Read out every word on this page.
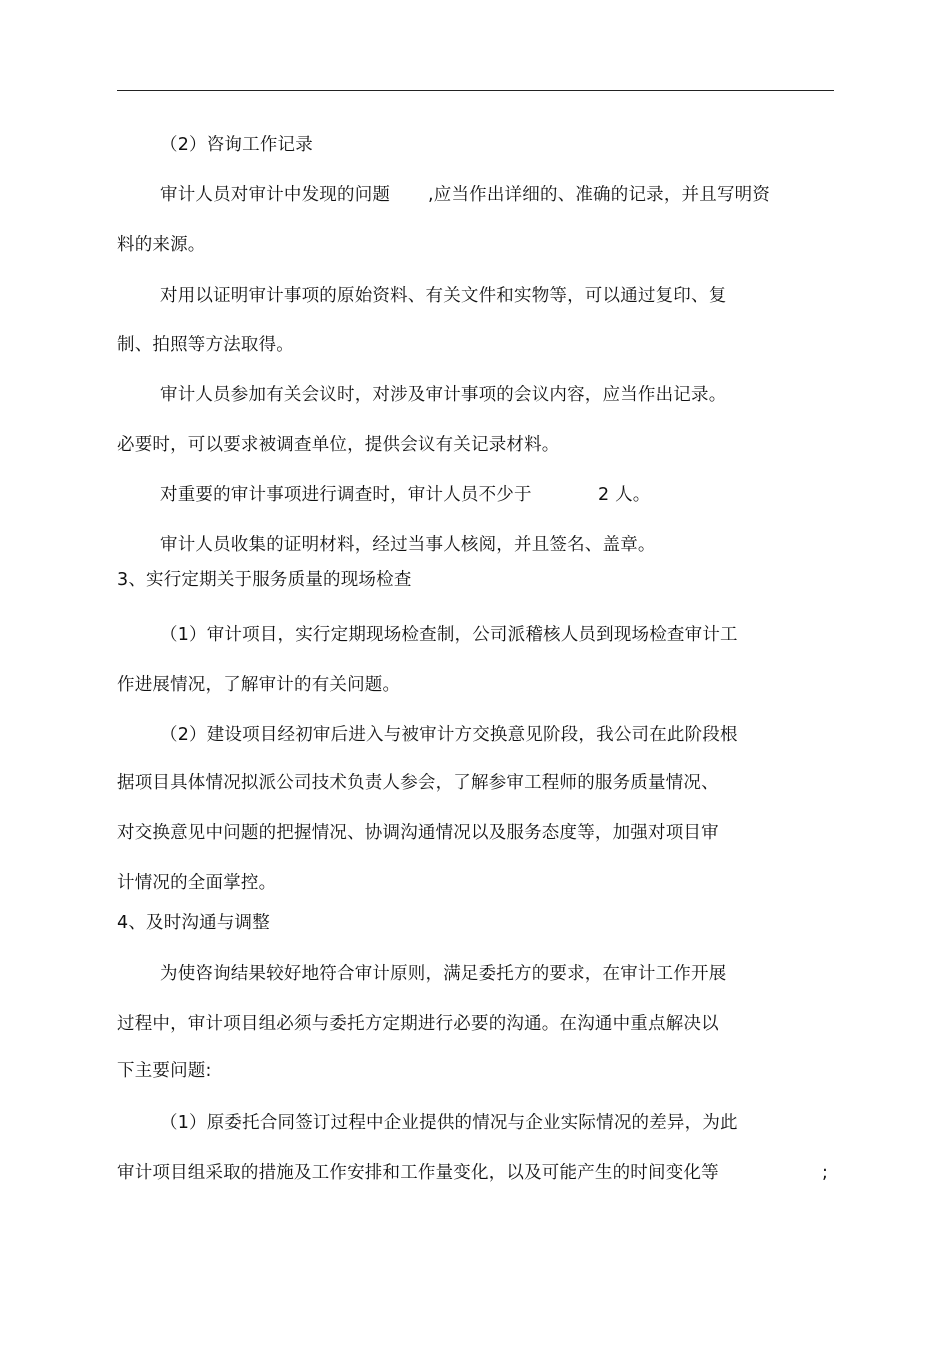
（2）咨询工作记录
审计人员对审计中发现的问题 ,应当作出详细的、准确的记录，并且写明资
料的来源。
对用以证明审计事项的原始资料、有关文件和实物等，可以通过复印、复
制、拍照等方法取得。
审计人员参加有关会议时，对涉及审计事项的会议内容，应当作出记录。
必要时，可以要求被调查单位，提供会议有关记录材料。
对重要的审计事项进行调查时，审计人员不少于	2 人。
审计人员收集的证明材料，经过当事人核阅，并且签名、盖章。
3、实行定期关于服务质量的现场检查
（1）审计项目，实行定期现场检查制，公司派稽核人员到现场检查审计工
作进展情况，了解审计的有关问题。
（2）建设项目经初审后进入与被审计方交换意见阶段，我公司在此阶段根
据项目具体情况拟派公司技术负责人参会，了解参审工程师的服务质量情况、
对交换意见中问题的把握情况、协调沟通情况以及服务态度等，加强对项目审
计情况的全面掌控。
4、及时沟通与调整
为使咨询结果较好地符合审计原则，满足委托方的要求，在审计工作开展
过程中，审计项目组必须与委托方定期进行必要的沟通。在沟通中重点解决以
下主要问题:
（1）原委托合同签订过程中企业提供的情况与企业实际情况的差异，为此
审计项目组采取的措施及工作安排和工作量变化，以及可能产生的时间变化等	;
